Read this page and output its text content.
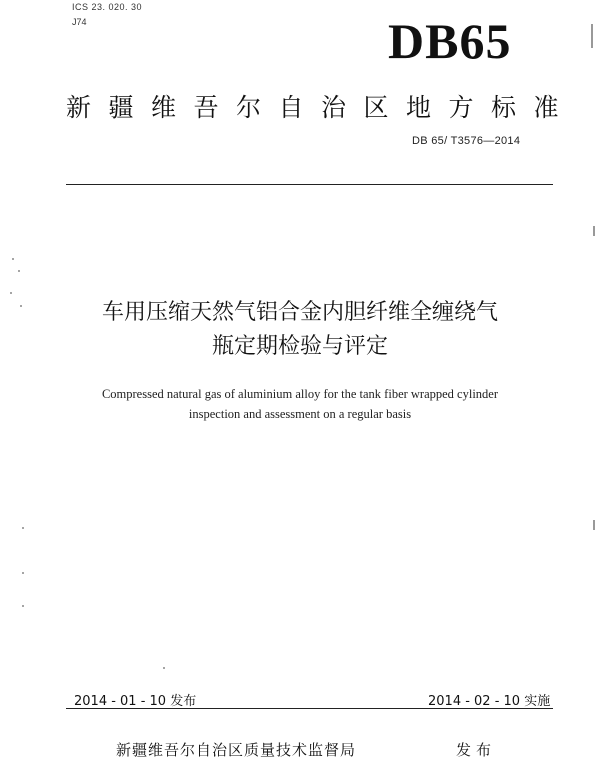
ICS 23. 020. 30
J74	DB65
新疆维吾尔自治区地方标准
DB 65/ T3576—2014
车用压缩天然气铝合金内胆纤维全缠绕气
瓶定期检验与评定
Compressed natural gas of aluminium alloy for the tank fiber wrapped cylinder
inspection and assessment on a regular basis
2014 - 01 - 10 发布	2014 - 02 - 10 实施
新疆维吾尔自治区质量技术监督局	发布
